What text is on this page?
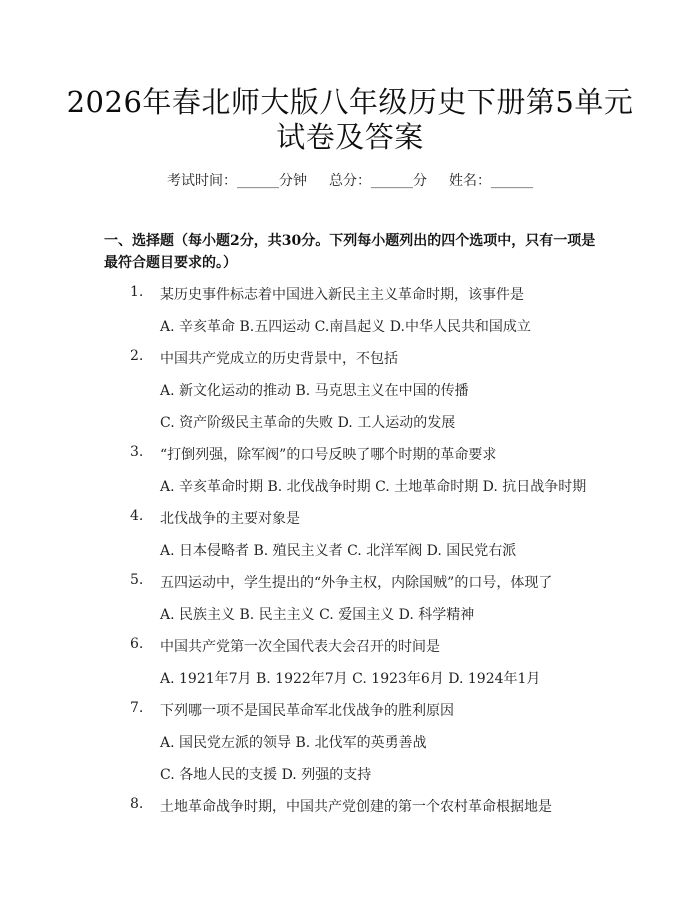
2026年春北师大版八年级历史下册第5单元
试卷及答案
考试时间：______分钟 总分：______分 姓名：______
一、选择题（每小题2分，共30分。下列每小题列出的四个选项中，只有一项是
最符合题目要求的。）
1. 某历史事件标志着中国进入新民主主义革命时期，该事件是
A. 辛亥革命 B.五四运动 C.南昌起义 D.中华人民共和国成立
2. 中国共产党成立的历史背景中，不包括
A. 新文化运动的推动 B. 马克思主义在中国的传播
C. 资产阶级民主革命的失败 D. 工人运动的发展
3. “打倒列强，除军阀”的口号反映了哪个时期的革命要求
A. 辛亥革命时期 B. 北伐战争时期 C. 土地革命时期 D. 抗日战争时期
4. 北伐战争的主要对象是
A. 日本侵略者 B. 殖民主义者 C. 北洋军阀 D. 国民党右派
5. 五四运动中，学生提出的“外争主权，内除国贼”的口号，体现了
A. 民族主义 B. 民主主义 C. 爱国主义 D. 科学精神
6. 中国共产党第一次全国代表大会召开的时间是
A. 1921年7月 B. 1922年7月 C. 1923年6月 D. 1924年1月
7. 下列哪一项不是国民革命军北伐战争的胜利原因
A. 国民党左派的领导 B. 北伐军的英勇善战
C. 各地人民的支援 D. 列强的支持
8. 土地革命战争时期，中国共产党创建的第一个农村革命根据地是
